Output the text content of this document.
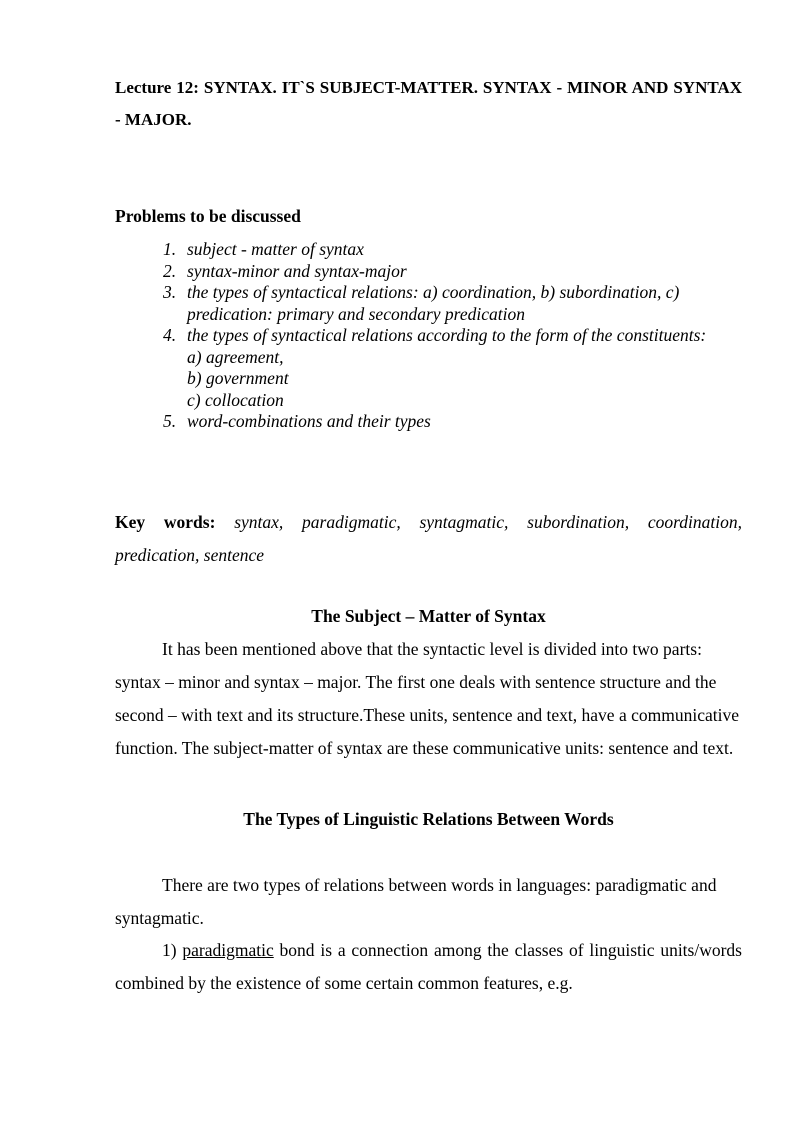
Lecture 12: SYNTAX. IT`S SUBJECT-MATTER. SYNTAX - MINOR AND SYNTAX - MAJOR.
Problems to be discussed
1. subject - matter of syntax
2. syntax-minor and syntax-major
3. the types of syntactical relations: a) coordination, b) subordination, c) predication: primary and secondary predication
4. the types of syntactical relations according to the form of the constituents:
a) agreement,
b) government
c) collocation
5. word-combinations and their types

Key words: syntax, paradigmatic, syntagmatic, subordination, coordination, predication, sentence

The Subject – Matter of Syntax

It has been mentioned above that the syntactic level is divided into two parts: syntax – minor and syntax – major. The first one deals with sentence structure and the second – with text and its structure.These units, sentence and text, have a communicative function. The subject-matter of syntax are these communicative units: sentence and text.

The Types of Linguistic Relations Between Words

There are two types of relations between words in languages: paradigmatic and syntagmatic.

1) paradigmatic bond is a connection among the classes of linguistic units/words combined by the existence of some certain common features, e.g.
